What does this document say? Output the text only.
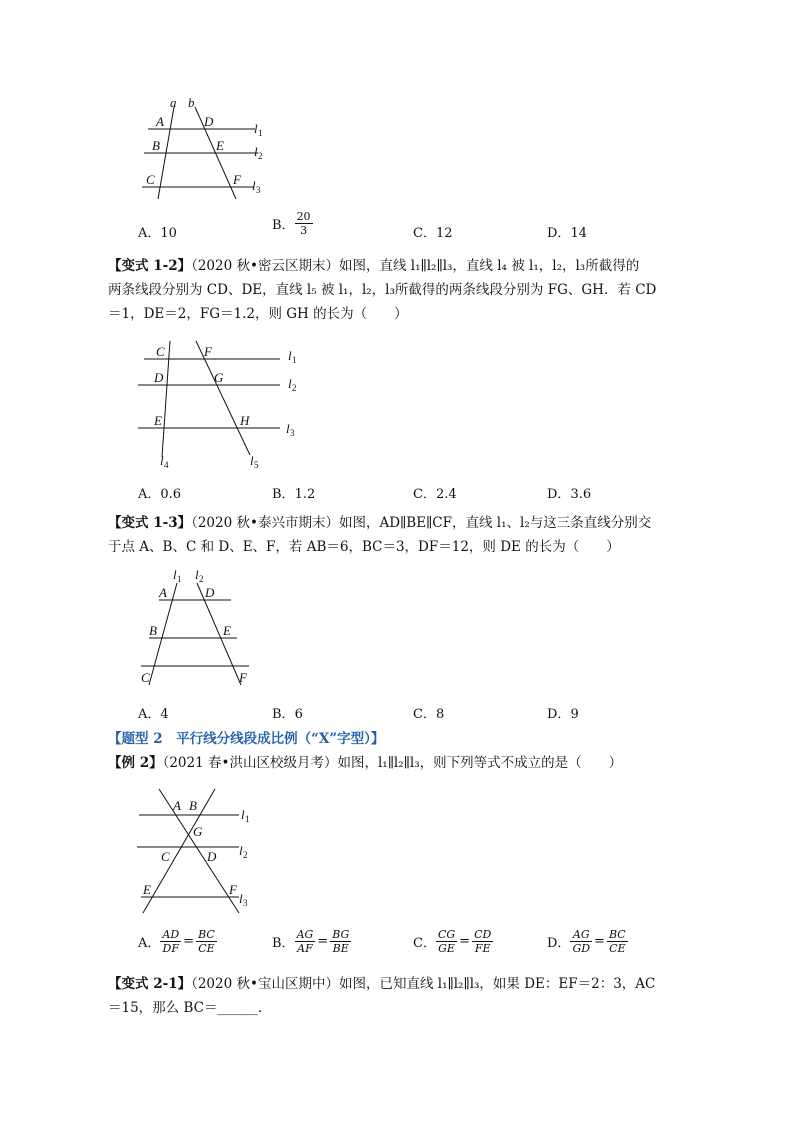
a b
A	D	l 1
B	E l 2
C	F l 3
A．10
B． $\frac{20}{3}$	C．12	D．14
【变式 1-2】（2020 秋•密云区期末）如图，直线 l₁∥l₂∥l₃，直线 l₄ 被 l₁，l₂，l₃所截得的
两条线段分别为 CD、DE，直线 l₅ 被 l₁，l₂，l₃所截得的两条线段分别为 FG、GH．若 CD
＝1，DE＝2，FG＝1.2，则 GH 的长为（　　）
C	F
D	G
E	H
l 1
l 2
l 3
l 4	l 5
A．0.6	B．1.2	C．2.4	D．3.6
【变式 1-3】（2020 秋•泰兴市期末）如图，AD∥BE∥CF，直线 l₁、l₂与这三条直线分别交
于点 A、B、C 和 D、E、F，若 AB＝6，BC＝3，DF＝12，则 DE 的长为（　　）
l 1 l 2
A	D
B	E
C	F
A．4	B．6	C．8	D．9
【题型 2　平行线分线段成比例（“X”字型）】
【例 2】（2021 春•洪山区校级月考）如图，l₁∥l₂∥l₃，则下列等式不成立的是（　　）
A B
G
C	D
E	F
l 1
l 2
l 3
A． $\frac{AD}{DF} = \frac{BC}{CE}$	B． $\frac{AG}{AF} = \frac{BG}{BE}$	C． $\frac{CG}{GE} = \frac{CD}{FE}$	D． $\frac{AG}{GD} = \frac{BC}{CE}$
【变式 2-1】（2020 秋•宝山区期中）如图，已知直线 l₁∥l₂∥l₃，如果 DE：EF＝2：3，AC
＝15，那么 BC＝______．
